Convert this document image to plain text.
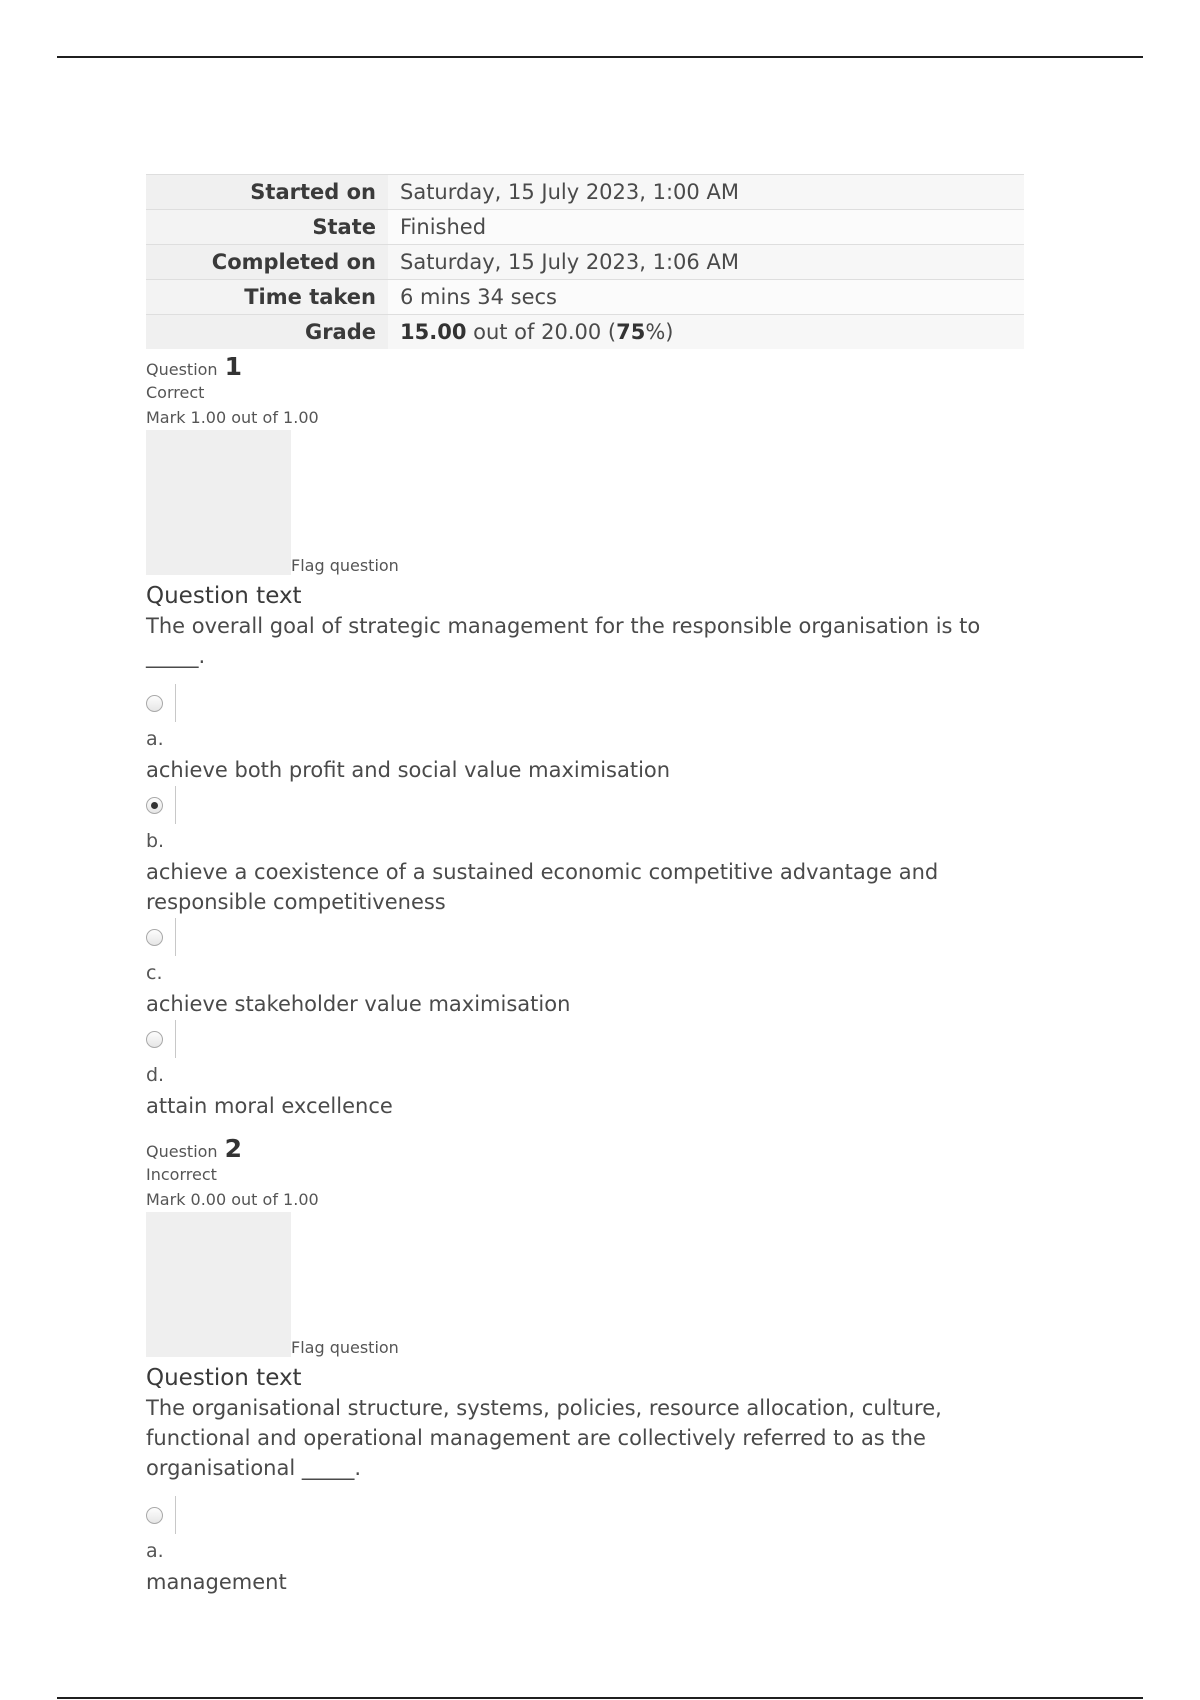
Started on	Saturday, 15 July 2023, 1:00 AM
State	Finished
Completed on	Saturday, 15 July 2023, 1:06 AM
Time taken	6 mins 34 secs
Grade	15.00 out of 20.00 (75%)
Question 1
Correct
Mark 1.00 out of 1.00
Flag question
Question text
The overall goal of strategic management for the responsible organisation is to _____.
a.
achieve both profit and social value maximisation
b.
achieve a coexistence of a sustained economic competitive advantage and responsible competitiveness
c.
achieve stakeholder value maximisation
d.
attain moral excellence
Question 2
Incorrect
Mark 0.00 out of 1.00
Flag question
Question text
The organisational structure, systems, policies, resource allocation, culture, functional and operational management are collectively referred to as the organisational _____.
a.
management
